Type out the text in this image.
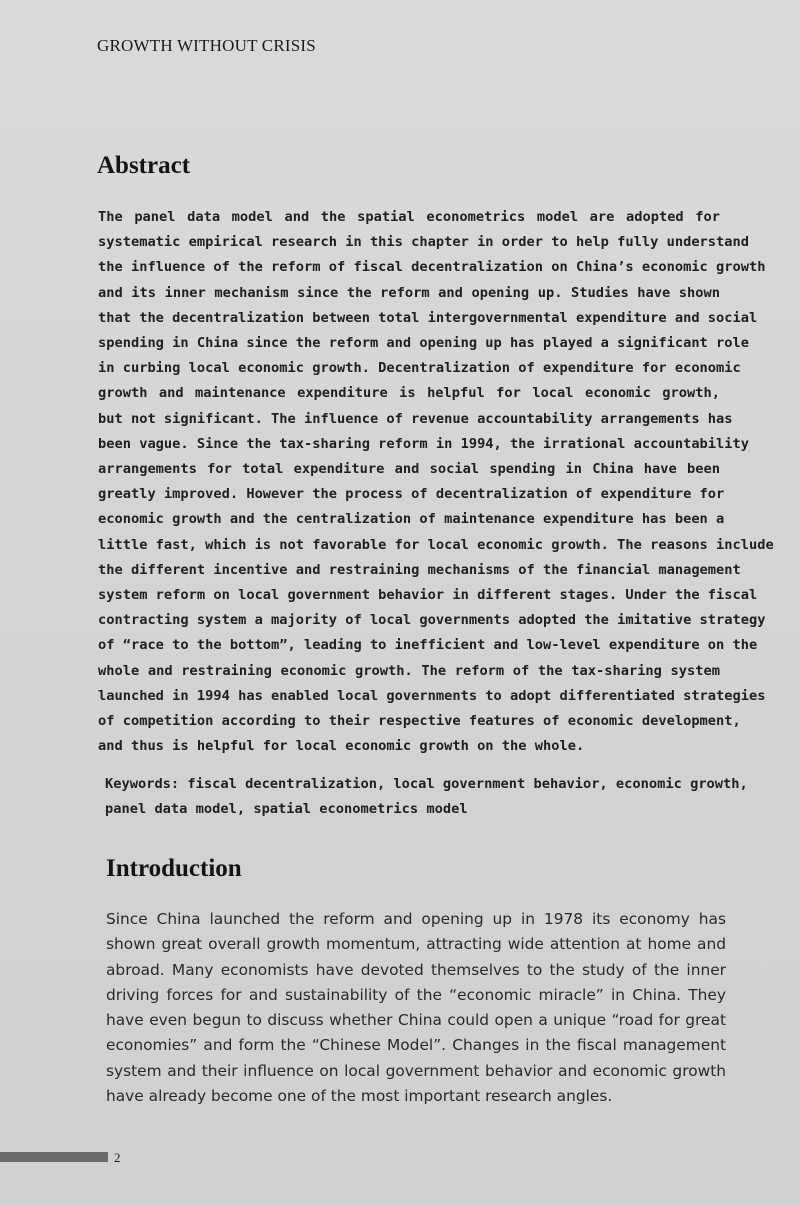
GROWTH WITHOUT CRISIS
Abstract
The panel data model and the spatial econometrics model are adopted for
systematic empirical research in this chapter in order to help fully understand
the influence of the reform of fiscal decentralization on China’s economic growth
and its inner mechanism since the reform and opening up. Studies have shown
that the decentralization between total intergovernmental expenditure and social
spending in China since the reform and opening up has played a significant role
in curbing local economic growth. Decentralization of expenditure for economic
growth and maintenance expenditure is helpful for local economic growth,
but not significant. The influence of revenue accountability arrangements has
been vague. Since the tax-sharing reform in 1994, the irrational accountability
arrangements for total expenditure and social spending in China have been
greatly improved. However the process of decentralization of expenditure for
economic growth and the centralization of maintenance expenditure has been a
little fast, which is not favorable for local economic growth. The reasons include
the different incentive and restraining mechanisms of the financial management
system reform on local government behavior in different stages. Under the fiscal
contracting system a majority of local governments adopted the imitative strategy
of “race to the bottom”, leading to inefficient and low-level expenditure on the
whole and restraining economic growth. The reform of the tax-sharing system
launched in 1994 has enabled local governments to adopt differentiated strategies
of competition according to their respective features of economic development,
and thus is helpful for local economic growth on the whole.
Keywords: fiscal decentralization, local government behavior, economic growth,
panel data model, spatial econometrics model
Introduction
Since China launched the reform and opening up in 1978 its economy has
shown great overall growth momentum, attracting wide attention at home and
abroad. Many economists have devoted themselves to the study of the inner
driving forces for and sustainability of the “economic miracle” in China. They
have even begun to discuss whether China could open a unique “road for great
economies” and form the “Chinese Model”. Changes in the fiscal management
system and their influence on local government behavior and economic growth
have already become one of the most important research angles.
2
